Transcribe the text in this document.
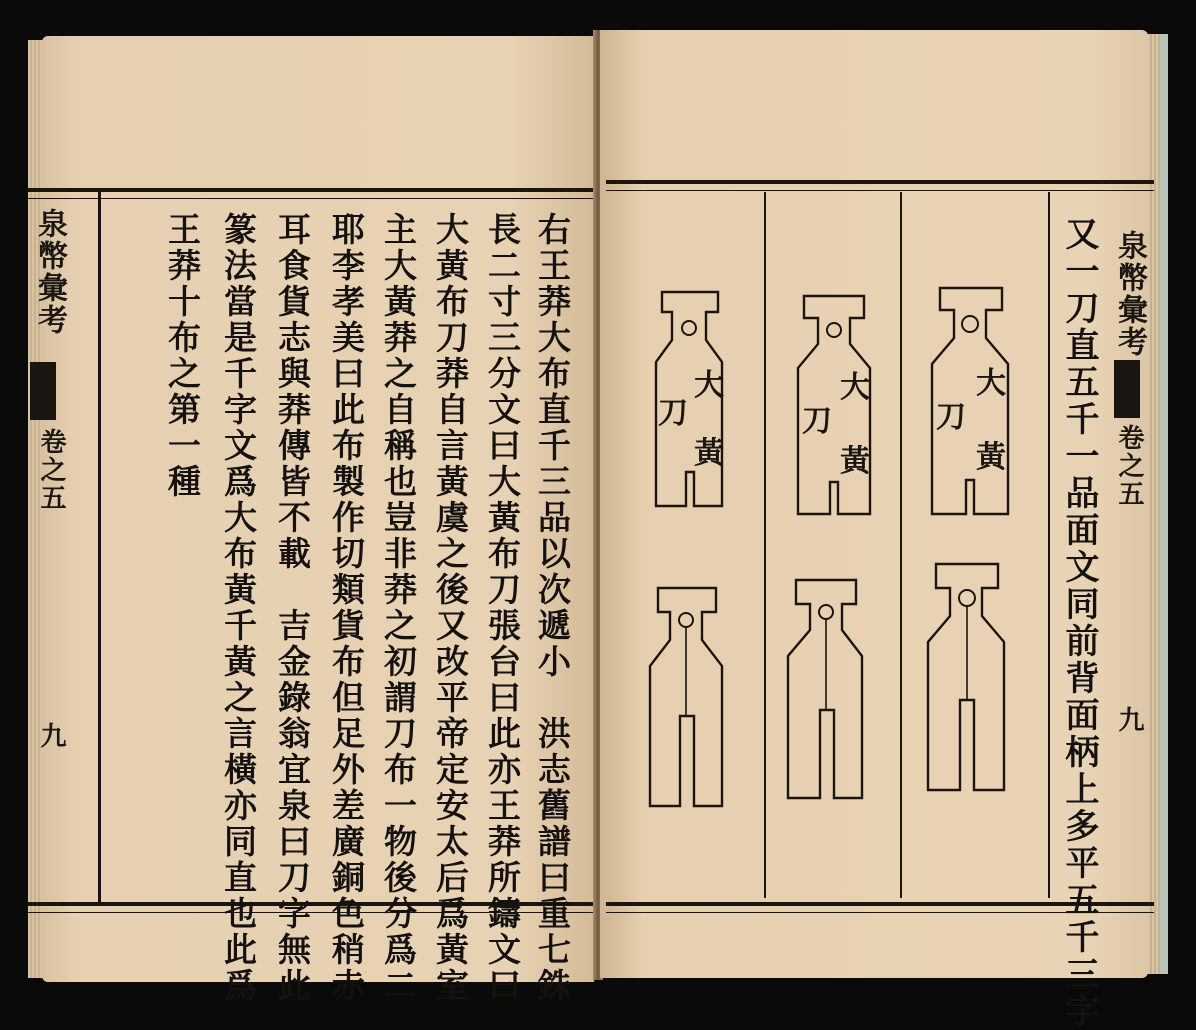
右王莽大布直千三品以次遞小　洪志舊譜曰重七銖
長二寸三分文曰大黃布刀張台曰此亦王莽所鑄文曰
大黃布刀莽自言黃虞之後又改平帝定安太后爲黃室
主大黃莽之自稱也豈非莽之初謂刀布一物後分爲二
耶李孝美曰此布製作切類貨布但足外差廣銅色稍赤
耳食貨志與莽傳皆不載　吉金錄翁宜泉曰刀字無此
篆法當是千字文爲大布黃千黃之言橫亦同直也此爲
王莽十布之第一種
泉幣彙考
卷之五
九	又一刀直五千一品面文同前背面柄上多平五千三字 泉幣彙考
卷之五
九
大
黃
刀
大
黃
刀
大
黃
刀
